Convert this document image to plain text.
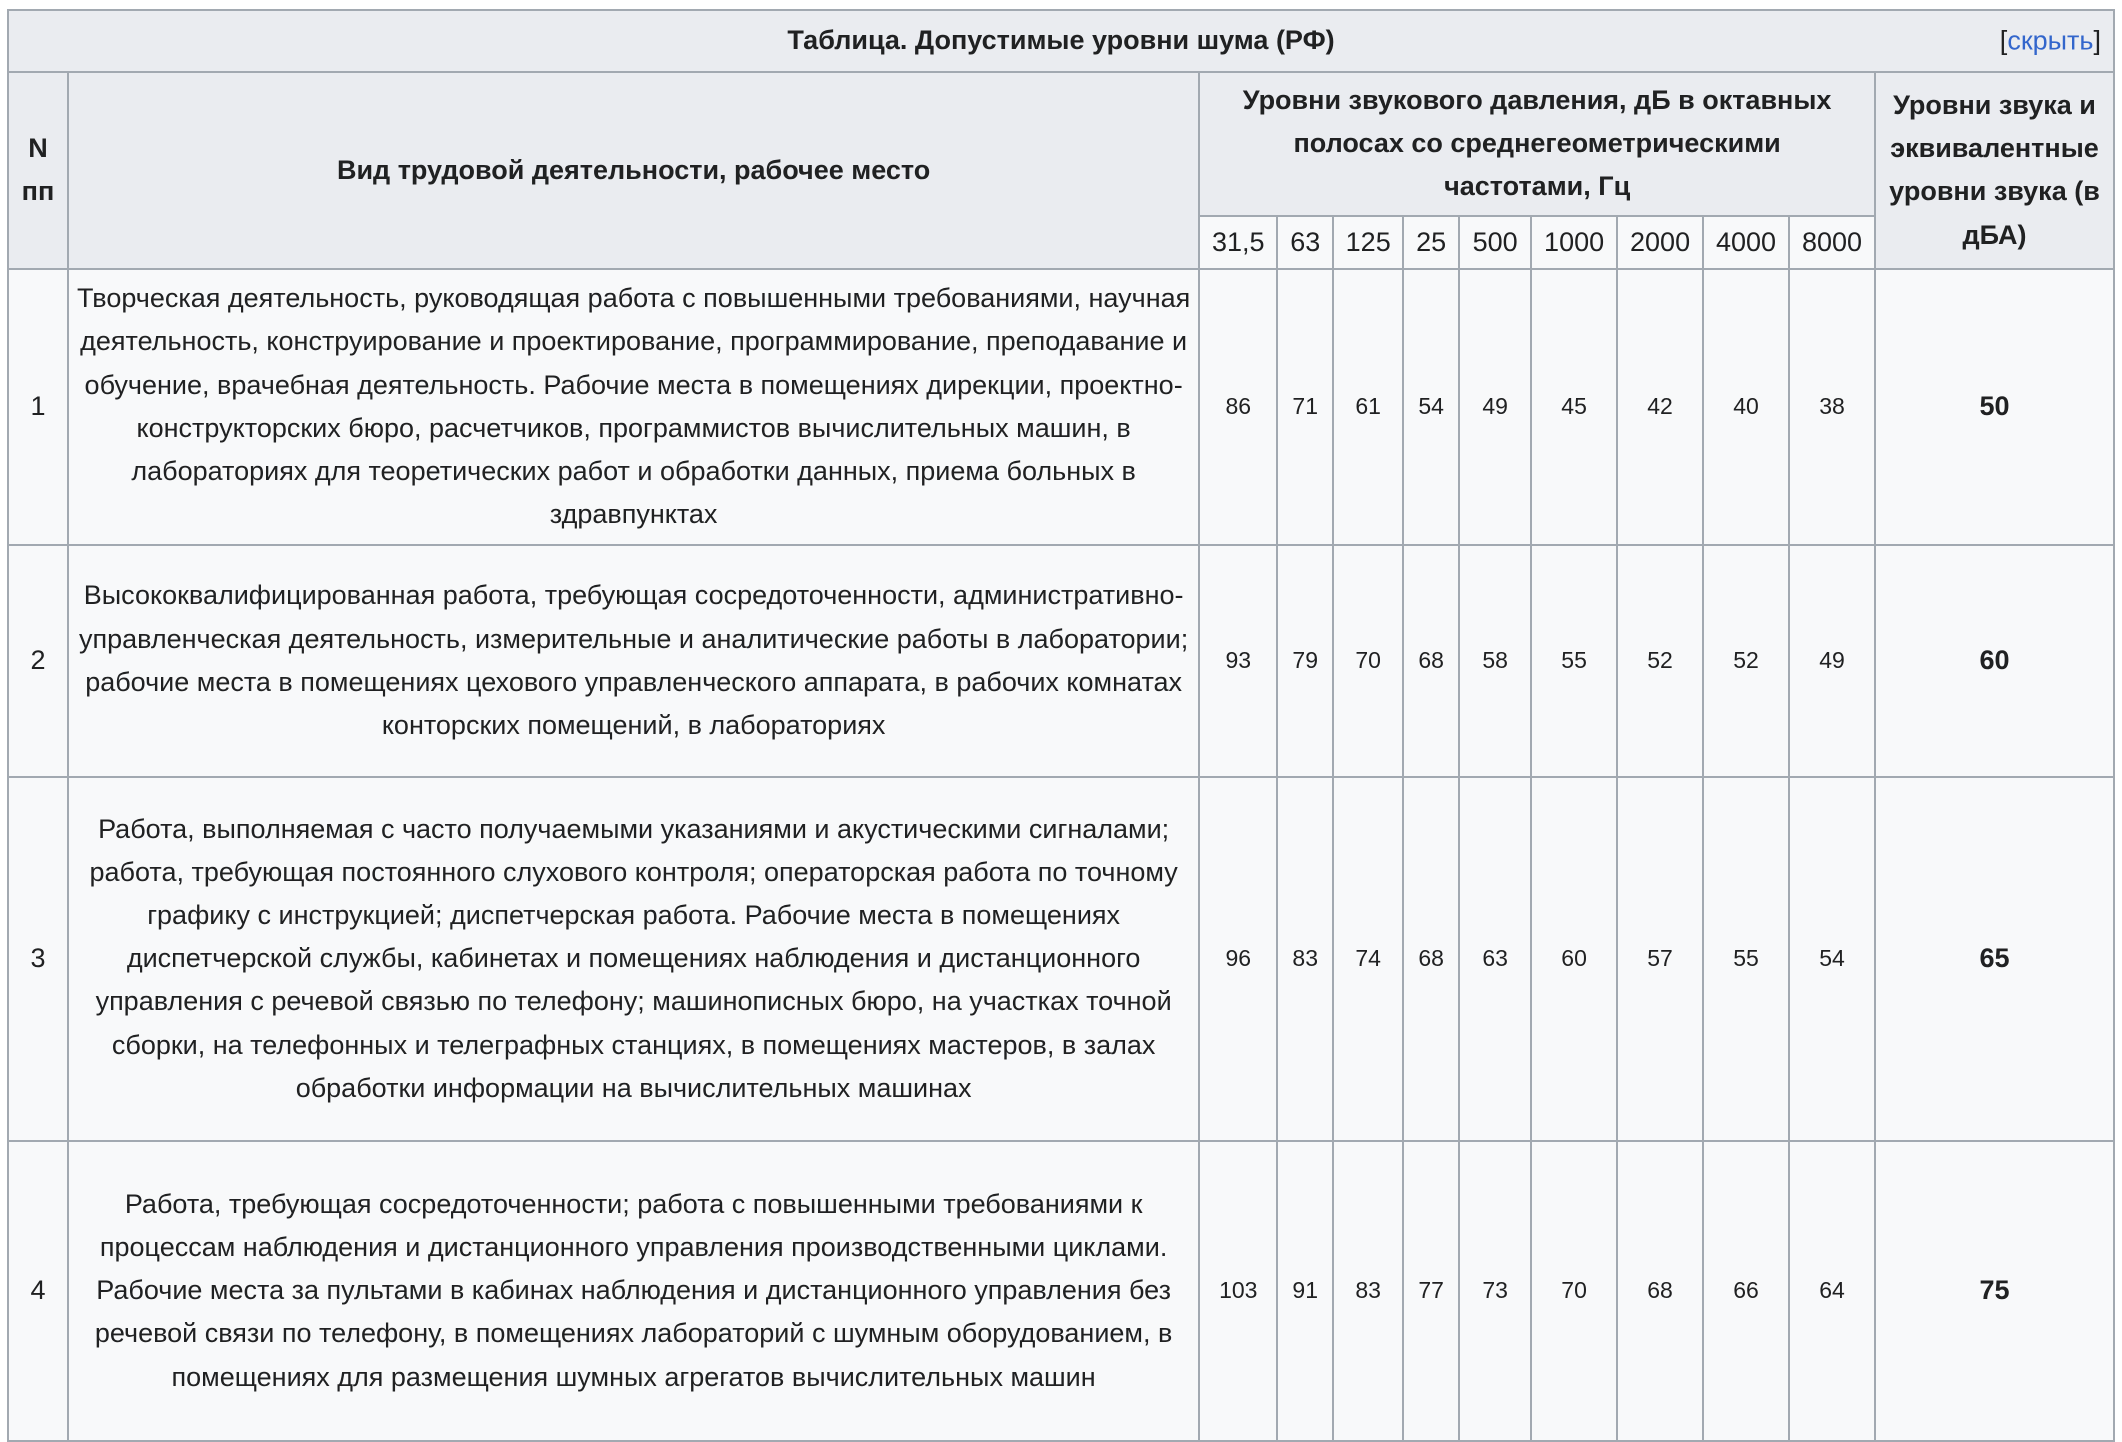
Таблица. Допустимые уровни шума (РФ) [скрыть]											

N пп	Вид трудовой деятельности, рабочее место	Уровни звукового давления, дБ в октавных полосах со среднегеометрическими частотами, Гц									Уровни звука и эквивалентные уровни звука (в дБА)
		31,5	63	125	25	500	1000	2000	4000	8000	
1	Творческая деятельность, руководящая работа с повышенными требованиями, научная деятельность, конструирование и проектирование, программирование, преподавание и обучение, врачебная деятельность. Рабочие места в помещениях дирекции, проектно-конструкторских бюро, расчетчиков, программистов вычислительных машин, в лабораториях для теоретических работ и обработки данных, приема больных в здравпунктах	86	71	61	54	49	45	42	40	38	50
2	Высококвалифицированная работа, требующая сосредоточенности, административно-управленческая деятельность, измерительные и аналитические работы в лаборатории; рабочие места в помещениях цехового управленческого аппарата, в рабочих комнатах конторских помещений, в лабораториях	93	79	70	68	58	55	52	52	49	60
3	Работа, выполняемая с часто получаемыми указаниями и акустическими сигналами; работа, требующая постоянного слухового контроля; операторская работа по точному графику с инструкцией; диспетчерская работа. Рабочие места в помещениях диспетчерской службы, кабинетах и помещениях наблюдения и дистанционного управления с речевой связью по телефону; машинописных бюро, на участках точной сборки, на телефонных и телеграфных станциях, в помещениях мастеров, в залах обработки информации на вычислительных машинах	96	83	74	68	63	60	57	55	54	65
4	Работа, требующая сосредоточенности; работа с повышенными требованиями к процессам наблюдения и дистанционного управления производственными циклами. Рабочие места за пультами в кабинах наблюдения и дистанционного управления без речевой связи по телефону, в помещениях лабораторий с шумным оборудованием, в помещениях для размещения шумных агрегатов вычислительных машин	103	91	83	77	73	70	68	66	64	75
